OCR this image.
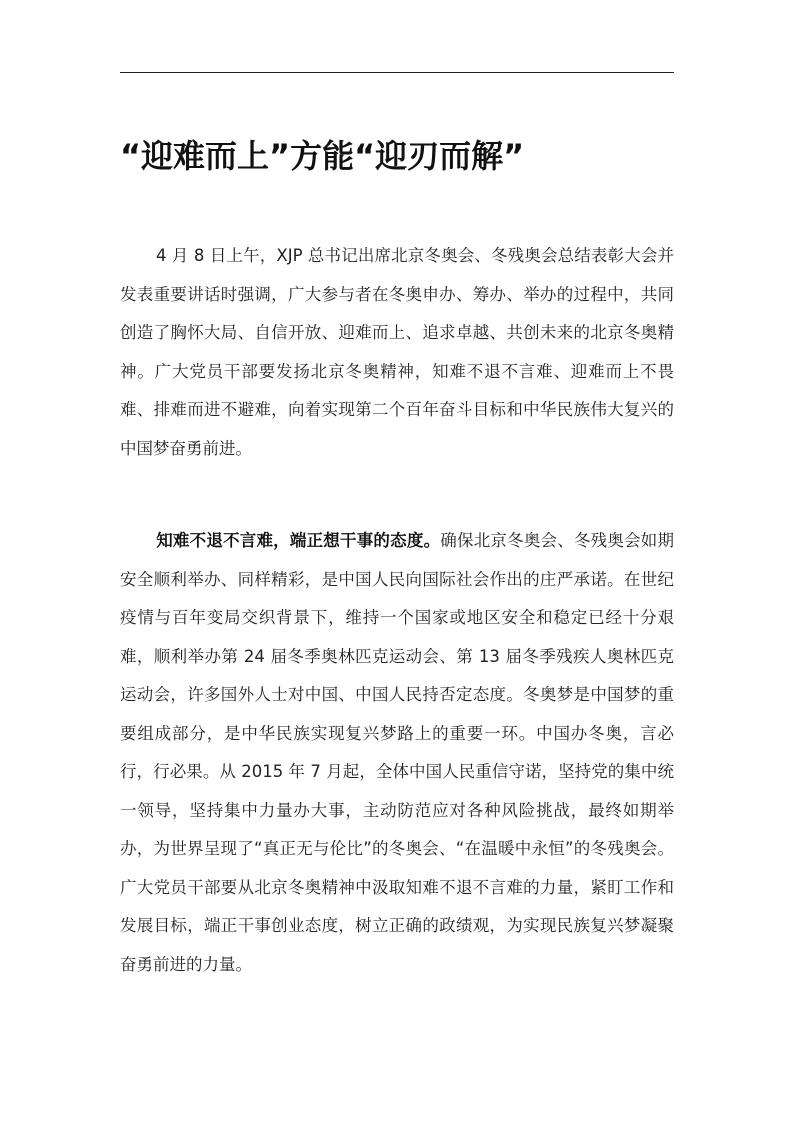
“迎难而上”方能“迎刃而解”

4 月 8 日上午，XJP 总书记出席北京冬奥会、冬残奥会总结表彰大会并发表重要讲话时强调，广大参与者在冬奥申办、筹办、举办的过程中，共同创造了胸怀大局、自信开放、迎难而上、追求卓越、共创未来的北京冬奥精神。广大党员干部要发扬北京冬奥精神，知难不退不言难、迎难而上不畏难、排难而进不避难，向着实现第二个百年奋斗目标和中华民族伟大复兴的中国梦奋勇前进。

知难不退不言难，端正想干事的态度。确保北京冬奥会、冬残奥会如期安全顺利举办、同样精彩，是中国人民向国际社会作出的庄严承诺。在世纪疫情与百年变局交织背景下，维持一个国家或地区安全和稳定已经十分艰难，顺利举办第 24 届冬季奥林匹克运动会、第 13 届冬季残疾人奥林匹克运动会，许多国外人士对中国、中国人民持否定态度。冬奥梦是中国梦的重要组成部分，是中华民族实现复兴梦路上的重要一环。中国办冬奥，言必行，行必果。从 2015 年 7 月起，全体中国人民重信守诺，坚持党的集中统一领导，坚持集中力量办大事，主动防范应对各种风险挑战，最终如期举办，为世界呈现了“真正无与伦比”的冬奥会、“在温暖中永恒”的冬残奥会。广大党员干部要从北京冬奥精神中汲取知难不退不言难的力量，紧盯工作和发展目标，端正干事创业态度，树立正确的政绩观，为实现民族复兴梦凝聚奋勇前进的力量。
